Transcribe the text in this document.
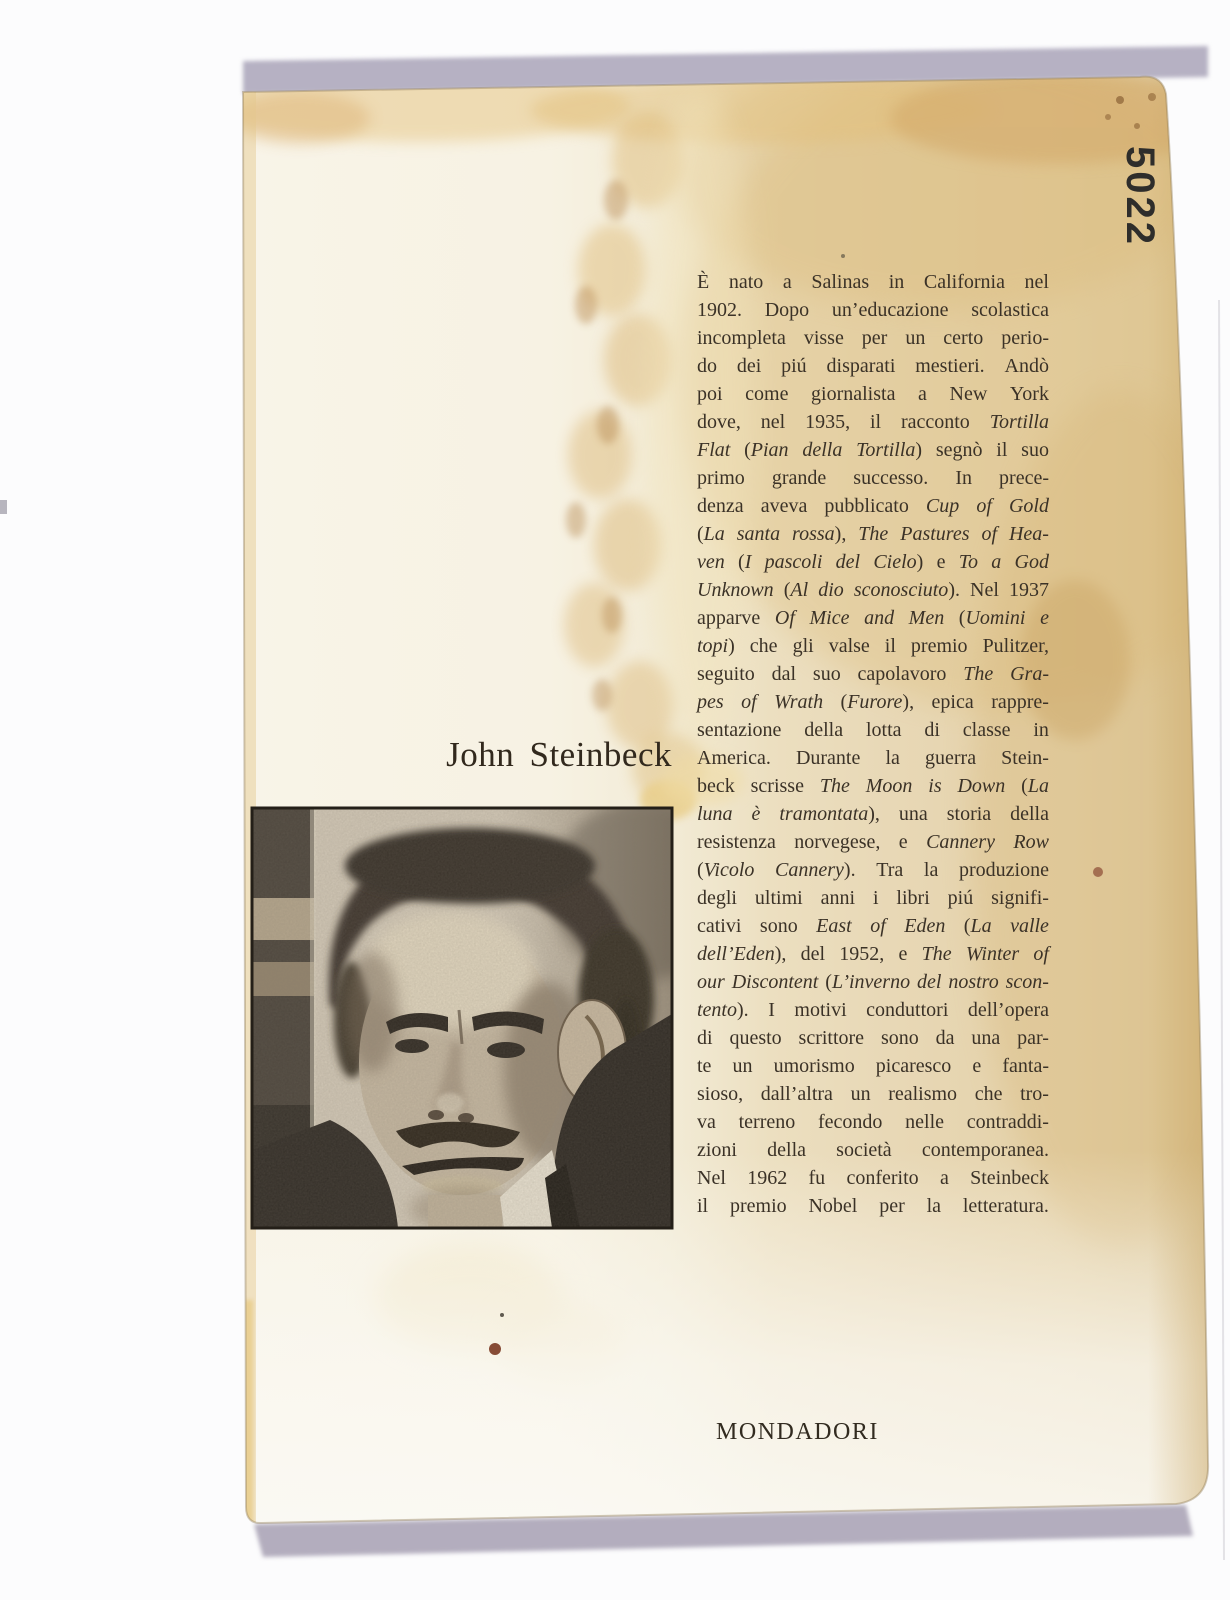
5022
È nato a Salinas in California nel
1902. Dopo un’educazione scolastica
incompleta visse per un certo perio-
do dei piú disparati mestieri. Andò
poi come giornalista a New York
dove, nel 1935, il racconto Tortilla
Flat (Pian della Tortilla) segnò il suo
primo grande successo. In prece-
denza aveva pubblicato Cup of Gold
(La santa rossa), The Pastures of Hea-
ven (I pascoli del Cielo) e To a God
Unknown (Al dio sconosciuto). Nel 1937
apparve Of Mice and Men (Uomini e
topi) che gli valse il premio Pulitzer,
seguito dal suo capolavoro The Gra-
pes of Wrath (Furore), epica rappre-
sentazione della lotta di classe in
America. Durante la guerra Stein-
beck scrisse The Moon is Down (La
luna è tramontata), una storia della
resistenza norvegese, e Cannery Row
(Vicolo Cannery). Tra la produzione
degli ultimi anni i libri piú signifi-
cativi sono East of Eden (La valle
dell’Eden), del 1952, e The Winter of
our Discontent (L’inverno del nostro scon-
tento). I motivi conduttori dell’opera
di questo scrittore sono da una par-
te un umorismo picaresco e fanta-
sioso, dall’altra un realismo che tro-
va terreno fecondo nelle contraddi-
zioni della società contemporanea.
Nel 1962 fu conferito a Steinbeck
il premio Nobel per la letteratura.
John Steinbeck
MONDADORI
